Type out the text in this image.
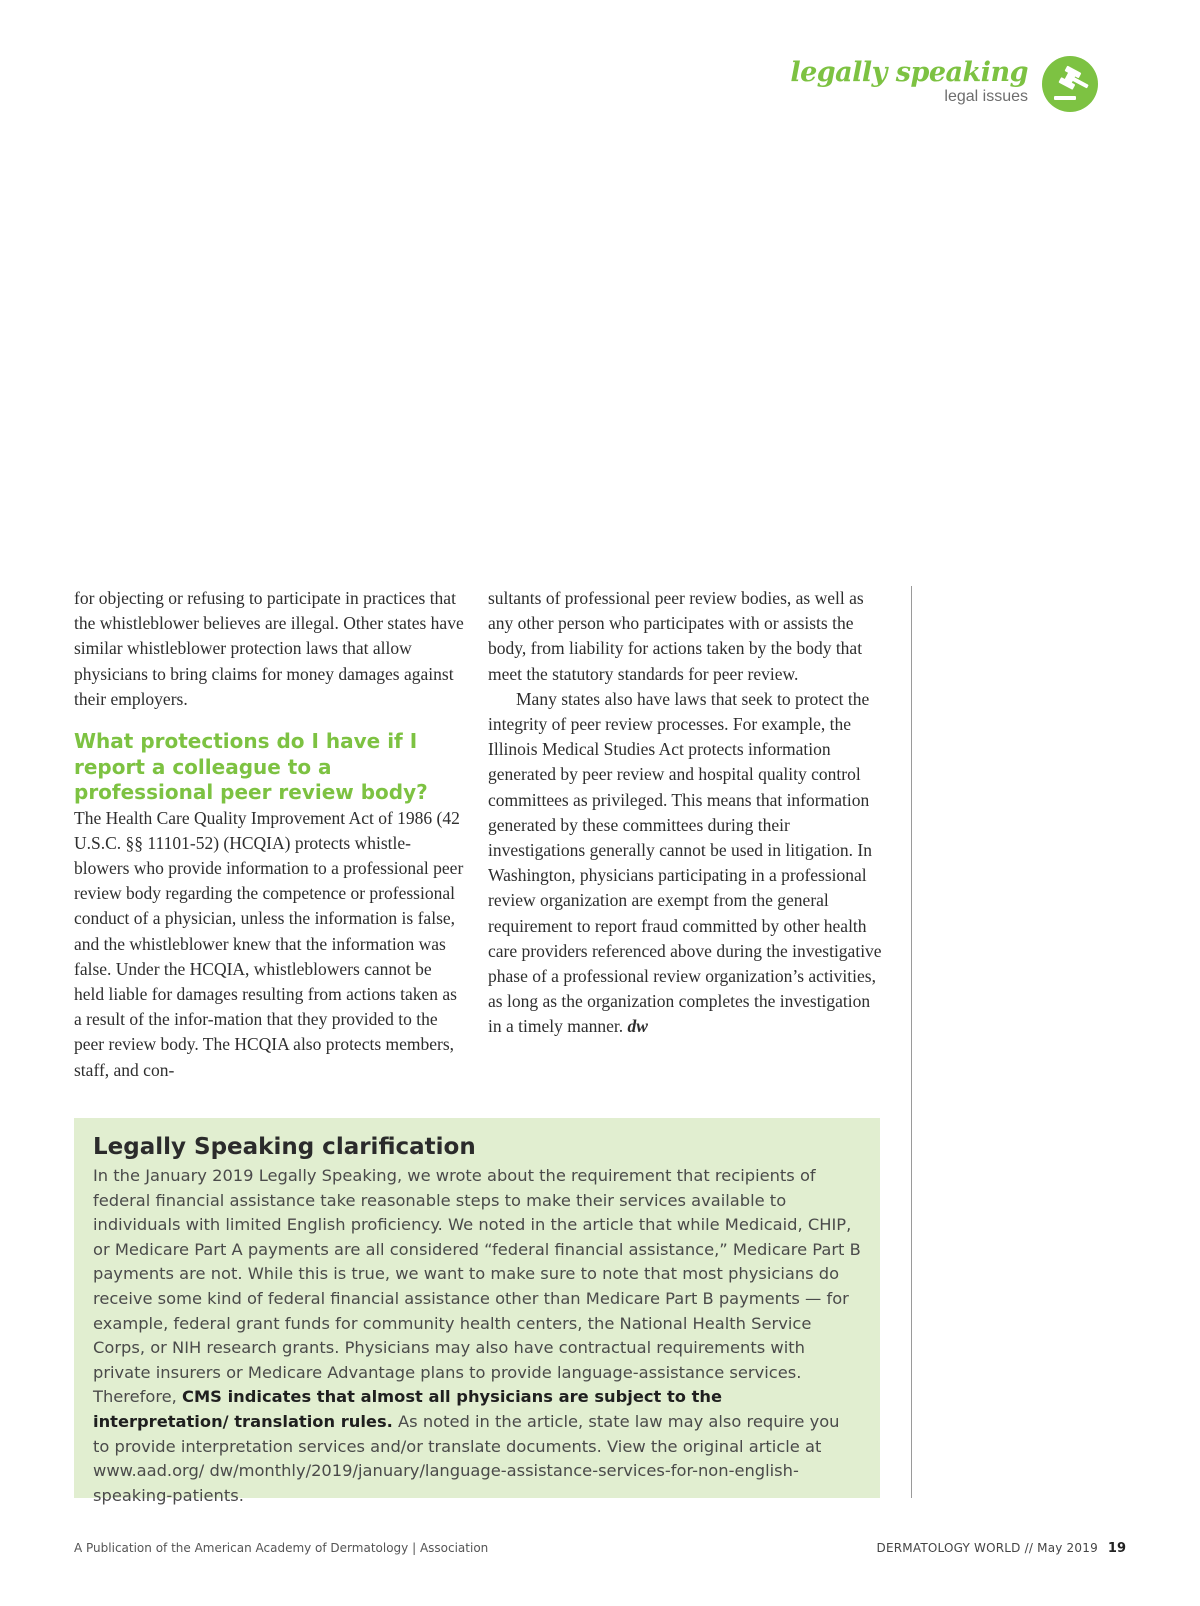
legally speaking
legal issues

for objecting or refusing to participate in practices that the whistleblower believes are illegal. Other states have similar whistleblower protection laws that allow physicians to bring claims for money damages against their employers.

What protections do I have if I report a colleague to a professional peer review body?

The Health Care Quality Improvement Act of 1986 (42 U.S.C. §§ 11101-52) (HCQIA) protects whistle-blowers who provide information to a professional peer review body regarding the competence or professional conduct of a physician, unless the information is false, and the whistleblower knew that the information was false. Under the HCQIA, whistleblowers cannot be held liable for damages resulting from actions taken as a result of the infor-mation that they provided to the peer review body. The HCQIA also protects members, staff, and con-

sultants of professional peer review bodies, as well as any other person who participates with or assists the body, from liability for actions taken by the body that meet the statutory standards for peer review.

Many states also have laws that seek to protect the integrity of peer review processes. For example, the Illinois Medical Studies Act protects information generated by peer review and hospital quality control committees as privileged. This means that information generated by these committees during their investigations generally cannot be used in litigation. In Washington, physicians participating in a professional review organization are exempt from the general requirement to report fraud committed by other health care providers referenced above during the investigative phase of a professional review organization’s activities, as long as the organization completes the investigation in a timely manner. dw

Legally Speaking clarification

In the January 2019 Legally Speaking, we wrote about the requirement that recipients of federal financial assistance take reasonable steps to make their services available to individuals with limited English proficiency. We noted in the article that while Medicaid, CHIP, or Medicare Part A payments are all considered “federal financial assistance,” Medicare Part B payments are not. While this is true, we want to make sure to note that most physicians do receive some kind of federal financial assistance other than Medicare Part B payments — for example, federal grant funds for community health centers, the National Health Service Corps, or NIH research grants. Physicians may also have contractual requirements with private insurers or Medicare Advantage plans to provide language-assistance services. Therefore, CMS indicates that almost all physicians are subject to the interpretation/ translation rules. As noted in the article, state law may also require you to provide interpretation services and/or translate documents. View the original article at www.aad.org/ dw/monthly/2019/january/language-assistance-services-for-non-english-speaking-patients.

A Publication of the American Academy of Dermatology | Association	DERMATOLOGY WORLD // May 2019 19
